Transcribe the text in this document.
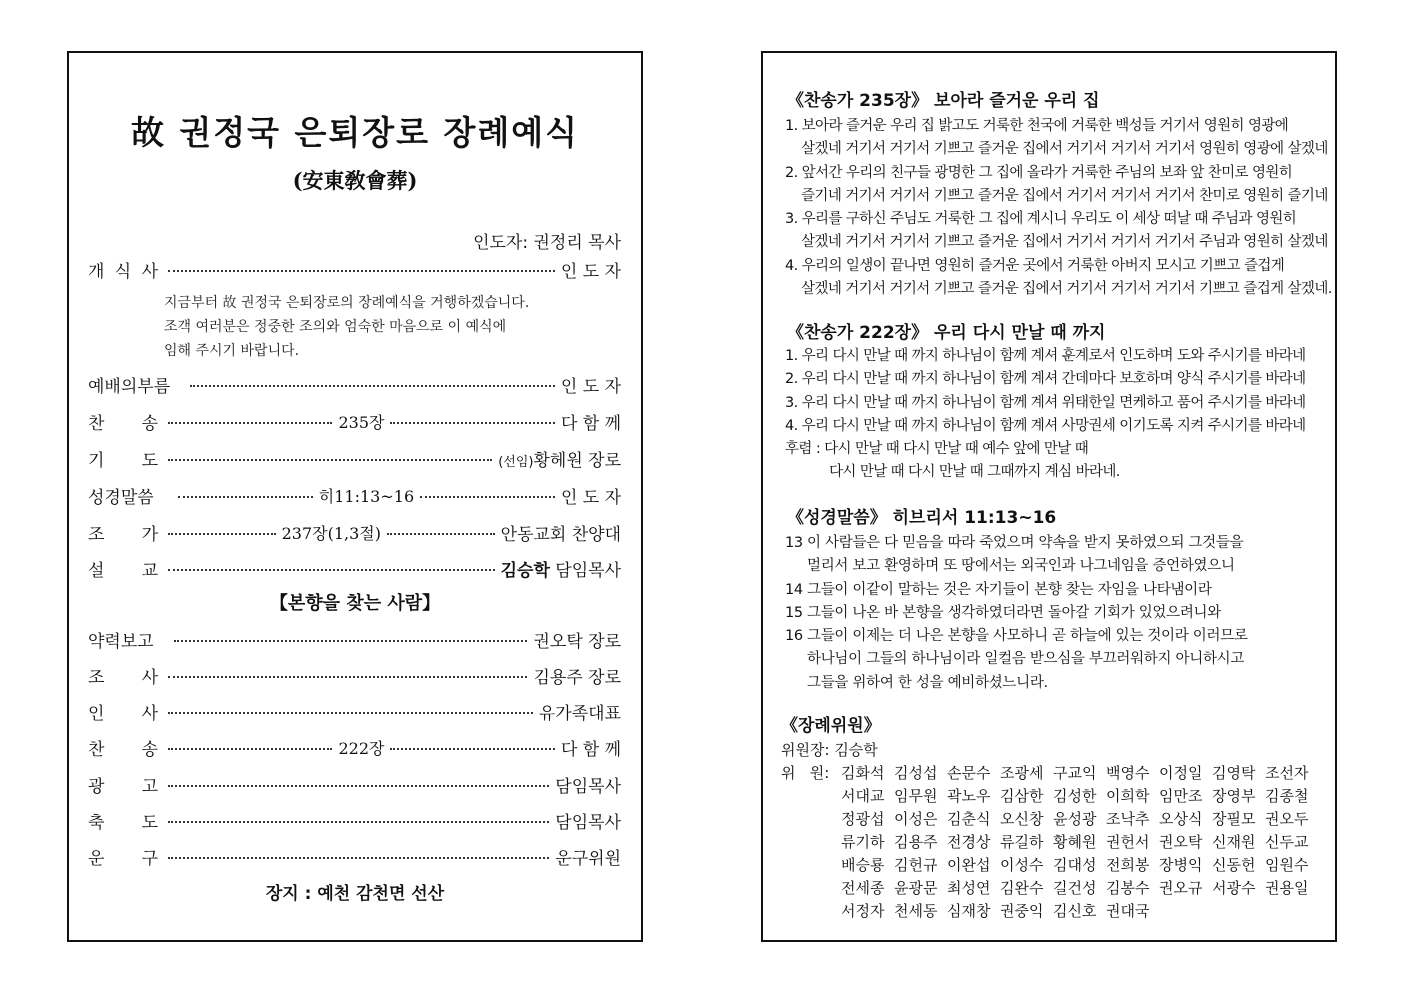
故 권정국 은퇴장로 장례예식
(安東敎會葬)
인도자: 권정리 목사
개 식 사	인 도 자
지금부터 故 권정국 은퇴장로의 장례예식을 거행하겠습니다.
조객 여러분은 정중한 조의와 엄숙한 마음으로 이 예식에
임해 주시기 바랍니다.
예배의부름	인 도 자
찬 송	235장	다 함 께
기 도	(선임)황헤원 장로
성경말씀	히11:13~16	인 도 자
조 가	237장(1,3절)	안동교회 찬양대
설 교	김승학 담임목사
【본향을 찾는 사람】
약력보고	권오탁 장로
조 사	김용주 장로
인 사	유가족대표
찬 송	222장	다 함 께
광 고	담임목사
축 도	담임목사
운 구	운구위원
장지 : 예천 감천면 선산
《찬송가 235장》 보아라 즐거운 우리 집
1. 보아라 즐거운 우리 집 밝고도 거룩한 천국에 거룩한 백성들 거기서 영원히 영광에
살겠네 거기서 거기서 기쁘고 즐거운 집에서 거기서 거기서 거기서 영원히 영광에 살겠네
2. 앞서간 우리의 친구들 광명한 그 집에 올라가 거룩한 주님의 보좌 앞 찬미로 영원히
즐기네 거기서 거기서 기쁘고 즐거운 집에서 거기서 거기서 거기서 찬미로 영원히 즐기네
3. 우리를 구하신 주님도 거룩한 그 집에 계시니 우리도 이 세상 떠날 때 주님과 영원히
살겠네 거기서 거기서 기쁘고 즐거운 집에서 거기서 거기서 거기서 주님과 영원히 살겠네
4. 우리의 일생이 끝나면 영원히 즐거운 곳에서 거룩한 아버지 모시고 기쁘고 즐겁게
살겠네 거기서 거기서 기쁘고 즐거운 집에서 거기서 거기서 거기서 기쁘고 즐겁게 살겠네.
《찬송가 222장》 우리 다시 만날 때 까지
1. 우리 다시 만날 때 까지 하나님이 함께 계셔 훈계로서 인도하며 도와 주시기를 바라네
2. 우리 다시 만날 때 까지 하나님이 함께 계셔 간데마다 보호하며 양식 주시기를 바라네
3. 우리 다시 만날 때 까지 하나님이 함께 계셔 위태한일 면케하고 품어 주시기를 바라네
4. 우리 다시 만날 때 까지 하나님이 함께 계셔 사망권세 이기도록 지켜 주시기를 바라네
후렴 : 다시 만날 때 다시 만날 때 예수 앞에 만날 때
다시 만날 때 다시 만날 때 그때까지 계심 바라네.
《성경말씀》 히브리서 11:13~16
13 이 사람들은 다 믿음을 따라 죽었으며 약속을 받지 못하였으되 그것들을
멀리서 보고 환영하며 또 땅에서는 외국인과 나그네임을 증언하였으니
14 그들이 이같이 말하는 것은 자기들이 본향 찾는 자임을 나타냄이라
15 그들이 나온 바 본향을 생각하였더라면 돌아갈 기회가 있었으려니와
16 그들이 이제는 더 나은 본향을 사모하니 곧 하늘에 있는 것이라 이러므로
하나님이 그들의 하나님이라 일컬음 받으심을 부끄러워하지 아니하시고
그들을 위하여 한 성을 예비하셨느니라.
《장례위원》
위원장: 김승학
위   원: 김화석 김성섭 손문수 조광세 구교익 백영수 이정일 김영탁 조선자
서대교 임무원 곽노우 김삼한 김성한 이희학 임만조 장영부 김종철
정광섭 이성은 김춘식 오신창 윤성광 조낙추 오상식 장필모 권오두
류기하 김용주 전경상 류길하 황혜원 권헌서 권오탁 신재원 신두교
배승룡 김헌규 이완섭 이성수 김대성 전희봉 장병익 신동헌 임원수
전세종 윤광문 최성연 김완수 길건성 김봉수 권오규 서광수 권용일
서정자 천세동 심재창 권중익 김신호 권대국
